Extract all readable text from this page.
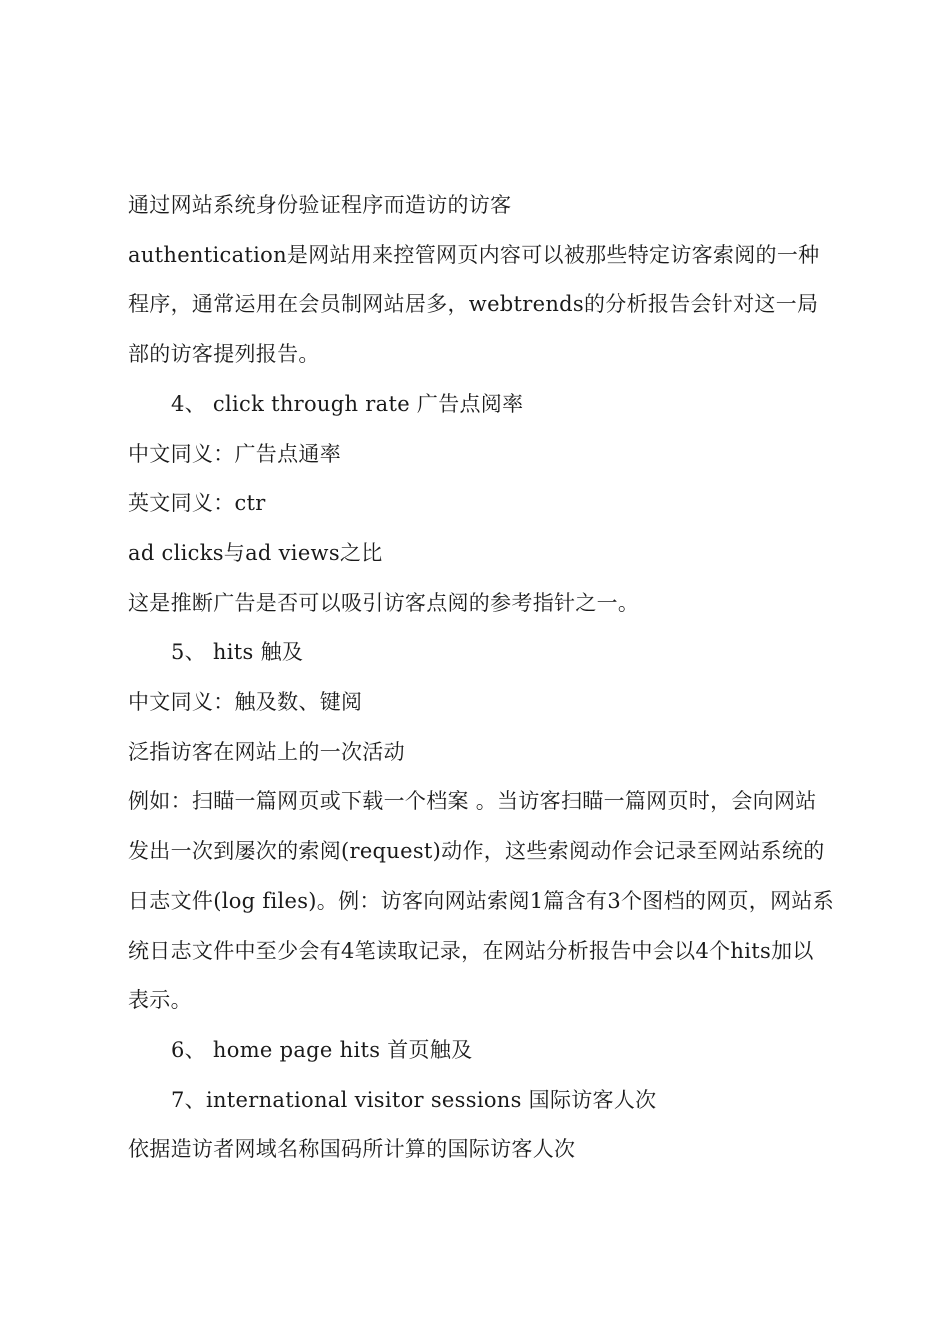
通过网站系统身份验证程序而造访的访客

authentication是网站用来控管网页内容可以被那些特定访客索阅的一种程序，通常运用在会员制网站居多，webtrends的分析报告会针对这一局部的访客提列报告。

4、 click through rate 广告点阅率

中文同义：广告点通率

英文同义：ctr

ad clicks与ad views之比

这是推断广告是否可以吸引访客点阅的参考指针之一。

5、 hits 触及

中文同义：触及数、键阅

泛指访客在网站上的一次活动

例如：扫瞄一篇网页或下载一个档案 。当访客扫瞄一篇网页时，会向网站发出一次到屡次的索阅(request)动作，这些索阅动作会记录至网站系统的日志文件(log files)。例：访客向网站索阅1篇含有3个图档的网页，网站系统日志文件中至少会有4笔读取记录，在网站分析报告中会以4个hits加以表示。

6、 home page hits 首页触及

7、international visitor sessions 国际访客人次

依据造访者网域名称国码所计算的国际访客人次
